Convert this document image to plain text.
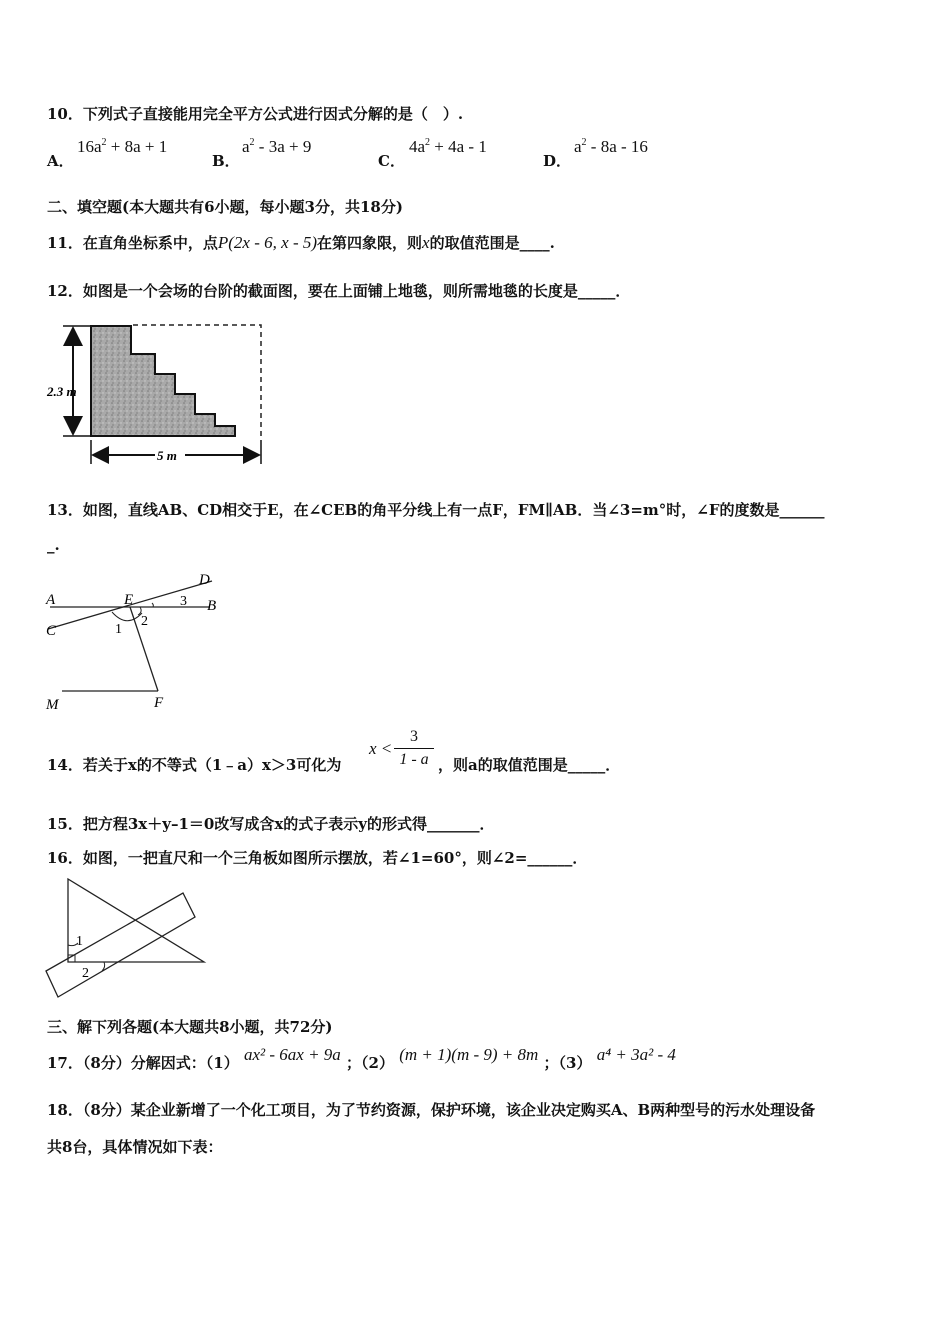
10．下列式子直接能用完全平方公式进行因式分解的是（　）.
A．
$16a^2 + 8a + 1$
B．
$a^2 - 3a + 9$
C．
$4a^2 + 4a - 1$
D．
$a^2 - 8a - 16$
二、填空题(本大题共有6小题，每小题3分，共18分)
11．在直角坐标系中，点P(2x - 6, x - 5)在第四象限，则x的取值范围是____.
12．如图是一个会场的台阶的截面图，要在上面铺上地毯，则所需地毯的长度是_____．
2.3 m
5 m
13．如图，直线AB、CD相交于E，在∠CEB的角平分线上有一点F，FM∥AB．当∠3=m°时，∠F的度数是______
_.
A	B
C
D
E
F
M
1
2
3
14．若关于x的不等式（1﹣a）x＞3可化为
x <
3
1 - a ，则a的取值范围是_____．
15．把方程3x＋y–1＝0改写成含x的式子表示y的形式得_______．
16．如图，一把直尺和一个三角板如图所示摆放，若∠1=60°，则∠2=______．
1
2
三、解下列各题(本大题共8小题，共72分)
17．（8分）分解因式：（1） ax² - 6ax + 9a ；（2） (m + 1)(m - 9) + 8m ；（3） a⁴ + 3a² - 4
18．（8分）某企业新增了一个化工项目，为了节约资源，保护环境，该企业决定购买A、B两种型号的污水处理设备
共8台，具体情况如下表：
